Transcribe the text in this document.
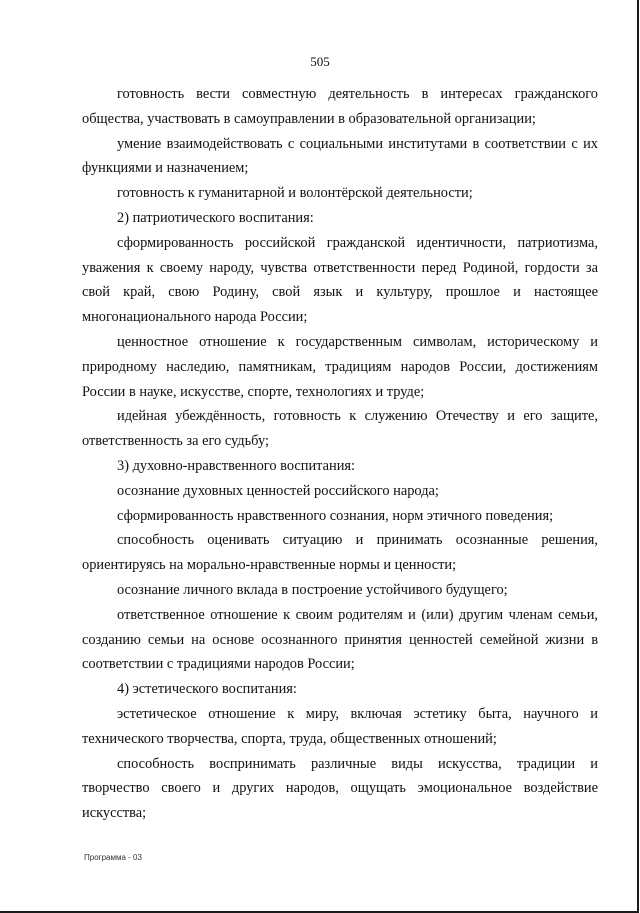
505

готовность вести совместную деятельность в интересах гражданского общества, участвовать в самоуправлении в образовательной организации;

умение взаимодействовать с социальными институтами в соответствии с их функциями и назначением;

готовность к гуманитарной и волонтёрской деятельности;

2) патриотического воспитания:

сформированность российской гражданской идентичности, патриотизма, уважения к своему народу, чувства ответственности перед Родиной, гордости за свой край, свою Родину, свой язык и культуру, прошлое и настоящее многонационального народа России;

ценностное отношение к государственным символам, историческому и природному наследию, памятникам, традициям народов России, достижениям России в науке, искусстве, спорте, технологиях и труде;

идейная убеждённость, готовность к служению Отечеству и его защите, ответственность за его судьбу;

3) духовно-нравственного воспитания:

осознание духовных ценностей российского народа;

сформированность нравственного сознания, норм этичного поведения;

способность оценивать ситуацию и принимать осознанные решения, ориентируясь на морально-нравственные нормы и ценности;

осознание личного вклада в построение устойчивого будущего;

ответственное отношение к своим родителям и (или) другим членам семьи, созданию семьи на основе осознанного принятия ценностей семейной жизни в соответствии с традициями народов России;

4) эстетического воспитания:

эстетическое отношение к миру, включая эстетику быта, научного и технического творчества, спорта, труда, общественных отношений;

способность воспринимать различные виды искусства, традиции и творчество своего и других народов, ощущать эмоциональное воздействие искусства;

Программа - 03
